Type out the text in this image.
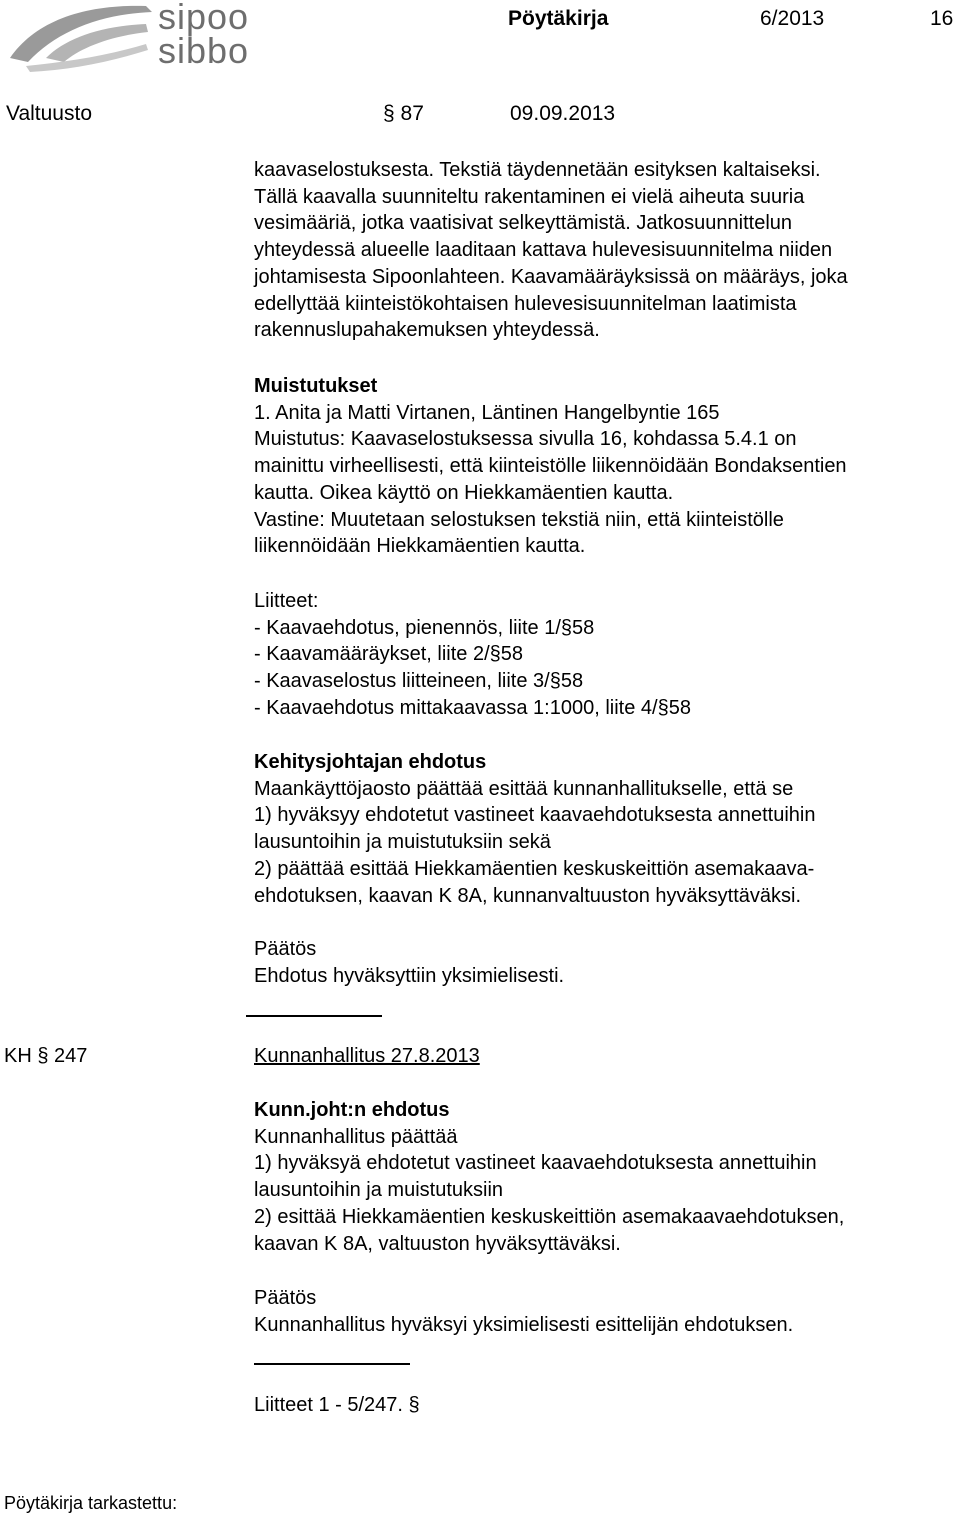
sipoo
sibbo
Pöytäkirja	6/2013	16
Valtuusto	§ 87	09.09.2013
kaavaselostuksesta. Tekstiä täydennetään esityksen kaltaiseksi.
Tällä kaavalla suunniteltu rakentaminen ei vielä aiheuta suuria
vesimääriä, jotka vaatisivat selkeyttämistä. Jatkosuunnittelun
yhteydessä alueelle laaditaan kattava hulevesisuunnitelma niiden
johtamisesta Sipoonlahteen. Kaavamääräyksissä on määräys, joka
edellyttää kiinteistökohtaisen hulevesisuunnitelman laatimista
rakennuslupahakemuksen yhteydessä.
Muistutukset
1. Anita ja Matti Virtanen, Läntinen Hangelbyntie 165
Muistutus: Kaavaselostuksessa sivulla 16, kohdassa 5.4.1 on
mainittu virheellisesti, että kiinteistölle liikennöidään Bondaksentien
kautta. Oikea käyttö on Hiekkamäentien kautta.
Vastine: Muutetaan selostuksen tekstiä niin, että kiinteistölle
liikennöidään Hiekkamäentien kautta.
Liitteet:
- Kaavaehdotus, pienennös, liite 1/§58
- Kaavamääräykset, liite 2/§58
- Kaavaselostus liitteineen, liite 3/§58
- Kaavaehdotus mittakaavassa 1:1000, liite 4/§58
Kehitysjohtajan ehdotus
Maankäyttöjaosto päättää esittää kunnanhallitukselle, että se
1) hyväksyy ehdotetut vastineet kaavaehdotuksesta annettuihin
lausuntoihin ja muistutuksiin sekä
2) päättää esittää Hiekkamäentien keskuskeittiön asemakaava-
ehdotuksen, kaavan K 8A, kunnanvaltuuston hyväksyttäväksi.
Päätös
Ehdotus hyväksyttiin yksimielisesti.
KH § 247	Kunnanhallitus 27.8.2013
Kunn.joht:n ehdotus
Kunnanhallitus päättää
1) hyväksyä ehdotetut vastineet kaavaehdotuksesta annettuihin
lausuntoihin ja muistutuksiin
2) esittää Hiekkamäentien keskuskeittiön asemakaavaehdotuksen,
kaavan K 8A, valtuuston hyväksyttäväksi.
Päätös
Kunnanhallitus hyväksyi yksimielisesti esittelijän ehdotuksen.
Liitteet 1 - 5/247. §
Pöytäkirja tarkastettu:
